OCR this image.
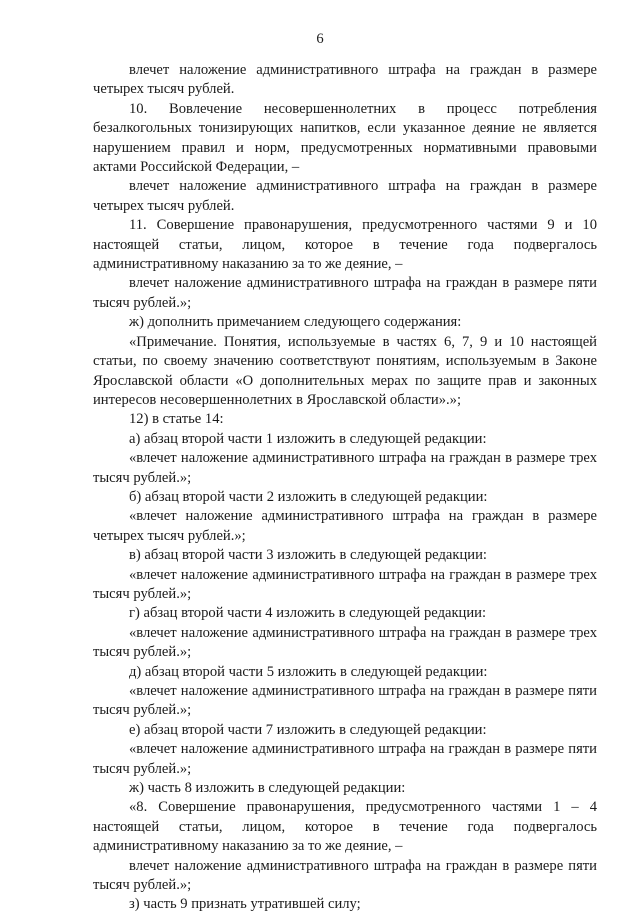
6

влечет наложение административного штрафа на граждан в размере четырех тысяч рублей.

10. Вовлечение несовершеннолетних в процесс потребления безалкогольных тонизирующих напитков, если указанное деяние не является нарушением правил и норм, предусмотренных нормативными правовыми актами Российской Федерации, –

влечет наложение административного штрафа на граждан в размере четырех тысяч рублей.

11. Совершение правонарушения, предусмотренного частями 9 и 10 настоящей статьи, лицом, которое в течение года подвергалось административному наказанию за то же деяние, –

влечет наложение административного штрафа на граждан в размере пяти тысяч рублей.»;

ж) дополнить примечанием следующего содержания:

«Примечание. Понятия, используемые в частях 6, 7, 9 и 10 настоящей статьи, по своему значению соответствуют понятиям, используемым в Законе Ярославской области «О дополнительных мерах по защите прав и законных интересов несовершеннолетних в Ярославской области».»;

12) в статье 14:

а) абзац второй части 1 изложить в следующей редакции:

«влечет наложение административного штрафа на граждан в размере трех тысяч рублей.»;

б) абзац второй части 2 изложить в следующей редакции:

«влечет наложение административного штрафа на граждан в размере четырех тысяч рублей.»;

в) абзац второй части 3 изложить в следующей редакции:

«влечет наложение административного штрафа на граждан в размере трех тысяч рублей.»;

г) абзац второй части 4 изложить в следующей редакции:

«влечет наложение административного штрафа на граждан в размере трех тысяч рублей.»;

д) абзац второй части 5 изложить в следующей редакции:

«влечет наложение административного штрафа на граждан в размере пяти тысяч рублей.»;

е) абзац второй части 7 изложить в следующей редакции:

«влечет наложение административного штрафа на граждан в размере пяти тысяч рублей.»;

ж) часть 8 изложить в следующей редакции:

«8. Совершение правонарушения, предусмотренного частями 1 – 4 настоящей статьи, лицом, которое в течение года подвергалось административному наказанию за то же деяние, –

влечет наложение административного штрафа на граждан в размере пяти тысяч рублей.»;

з) часть 9 признать утратившей силу;
